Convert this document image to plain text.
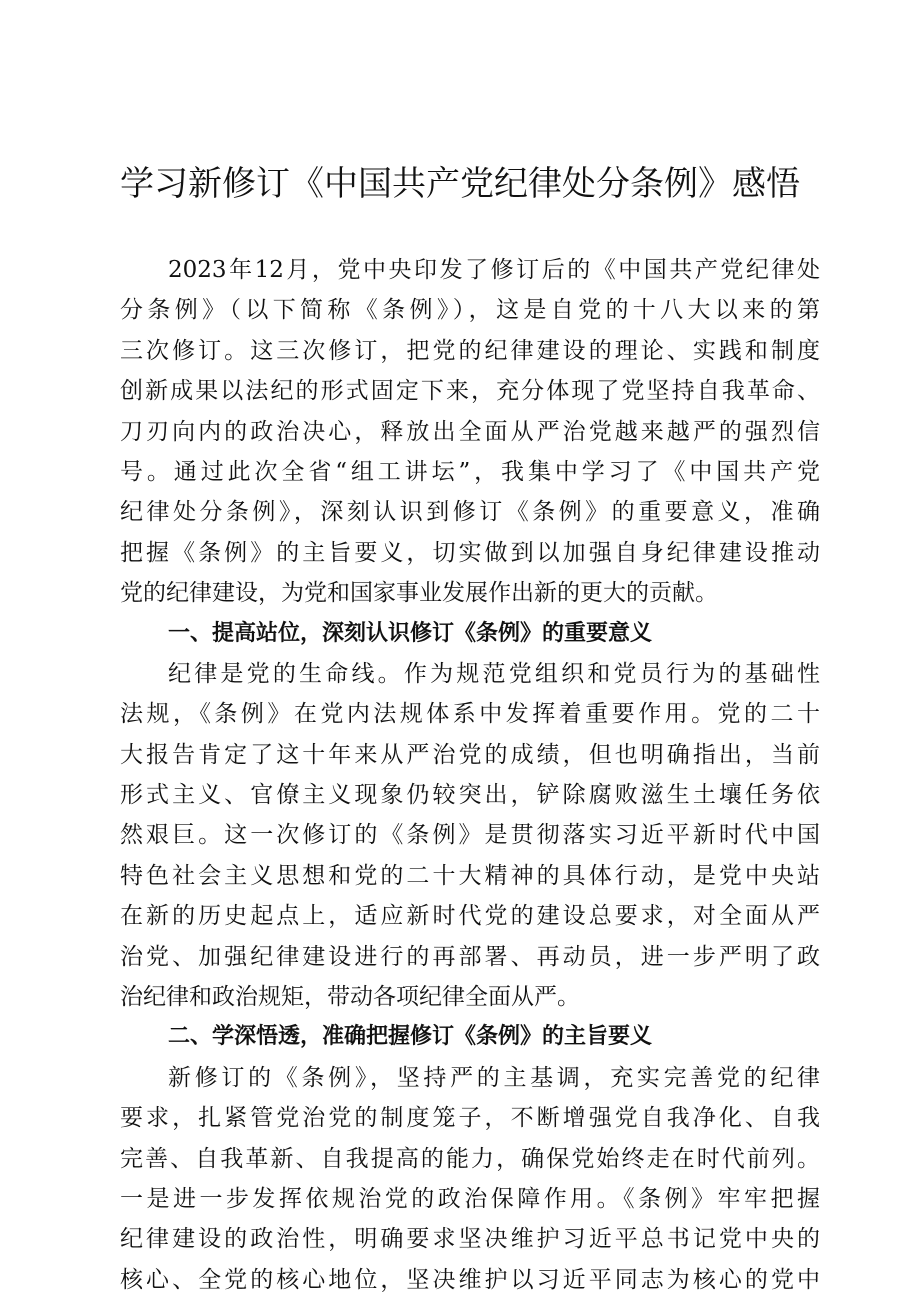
学习新修订《中国共产党纪律处分条例》感悟
2023年12月，党中央印发了修订后的《中国共产党纪律处
分条例》（以下简称《条例》），这是自党的十八大以来的第
三次修订。这三次修订，把党的纪律建设的理论、实践和制度
创新成果以法纪的形式固定下来，充分体现了党坚持自我革命、
刀刃向内的政治决心，释放出全面从严治党越来越严的强烈信
号。通过此次全省“组工讲坛”，我集中学习了《中国共产党
纪律处分条例》，深刻认识到修订《条例》的重要意义，准确
把握《条例》的主旨要义，切实做到以加强自身纪律建设推动
党的纪律建设，为党和国家事业发展作出新的更大的贡献。
一、提高站位，深刻认识修订《条例》的重要意义
纪律是党的生命线。作为规范党组织和党员行为的基础性
法规，《条例》在党内法规体系中发挥着重要作用。党的二十
大报告肯定了这十年来从严治党的成绩，但也明确指出，当前
形式主义、官僚主义现象仍较突出，铲除腐败滋生土壤任务依
然艰巨。这一次修订的《条例》是贯彻落实习近平新时代中国
特色社会主义思想和党的二十大精神的具体行动，是党中央站
在新的历史起点上，适应新时代党的建设总要求，对全面从严
治党、加强纪律建设进行的再部署、再动员，进一步严明了政
治纪律和政治规矩，带动各项纪律全面从严。
二、学深悟透，准确把握修订《条例》的主旨要义
新修订的《条例》，坚持严的主基调，充实完善党的纪律
要求，扎紧管党治党的制度笼子，不断增强党自我净化、自我
完善、自我革新、自我提高的能力，确保党始终走在时代前列。
一是进一步发挥依规治党的政治保障作用。《条例》牢牢把握
纪律建设的政治性，明确要求坚决维护习近平总书记党中央的
核心、全党的核心地位，坚决维护以习近平同志为核心的党中
